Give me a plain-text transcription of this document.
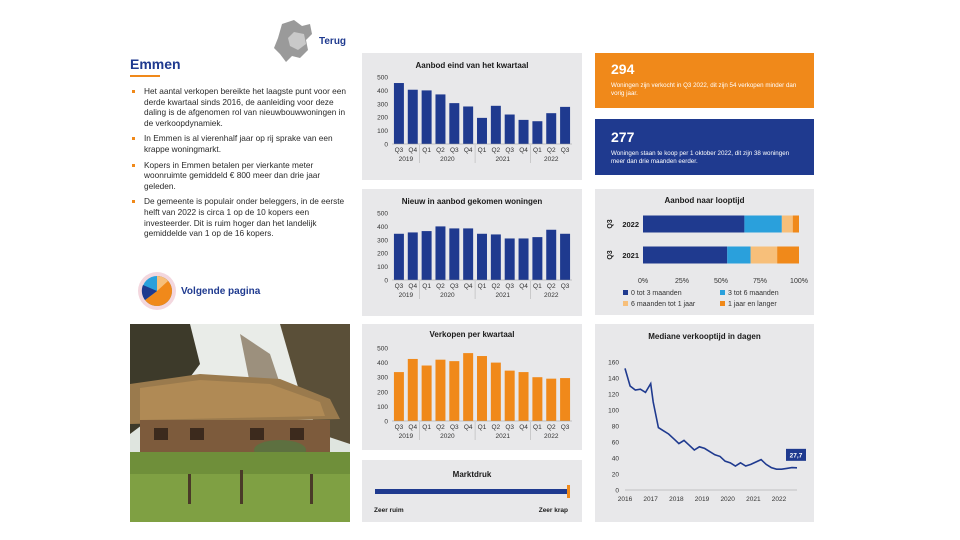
Terug
Emmen
Het aantal verkopen bereikte het laagste punt voor een derde kwartaal sinds 2016, de aanleiding voor deze daling is de afgenomen rol van nieuwbouwwoningen in de verkoopdynamiek.
In Emmen is al vierenhalf jaar op rij sprake van een krappe woningmarkt.
Kopers in Emmen betalen per vierkante meter woonruimte gemiddeld € 800 meer dan drie jaar geleden.
De gemeente is populair onder beleggers, in de eerste helft van 2022 is circa 1 op de 10 kopers een investeerder. Dit is ruim hoger dan het landelijk gemiddelde van 1 op de 16 kopers.
Volgende pagina
Aanbod eind van het kwartaal
0
100
200
300
400
500
Q3 Q4 Q1 Q2 Q3 Q4 Q1 Q2 Q3 Q4 Q1 Q2 Q3
2019	2020	2021	2022
Nieuw in aanbod gekomen woningen
0
100
200
300
400
500
Q3 Q4 Q1 Q2 Q3 Q4 Q1 Q2 Q3 Q4 Q1 Q2 Q3
2019	2020	2021	2022
Verkopen per kwartaal
0
100
200
300
400
500
Q3 Q4 Q1 Q2 Q3 Q4 Q1 Q2 Q3 Q4 Q1 Q2 Q3
2019	2020	2021	2022
Marktdruk
Zeer ruim	Zeer krap
294
Woningen zijn verkocht in Q3 2022, dit zijn 54 verkopen minder dan vorig jaar.
277
Woningen staan te koop per 1 oktober 2022, dit zijn 38 woningen meer dan drie maanden eerder.
Aanbod naar looptijd
2022
Q3
2021
Q3
0%	25%	50%	75%	100%
0 tot 3 maanden	3 tot 6 maanden
6 maanden tot 1 jaar	1 jaar en langer
Mediane verkooptijd in dagen
0
20
40
60
80
100
120
140
160
2016 2017 2018 2019 2020 2021 2022
27,7
